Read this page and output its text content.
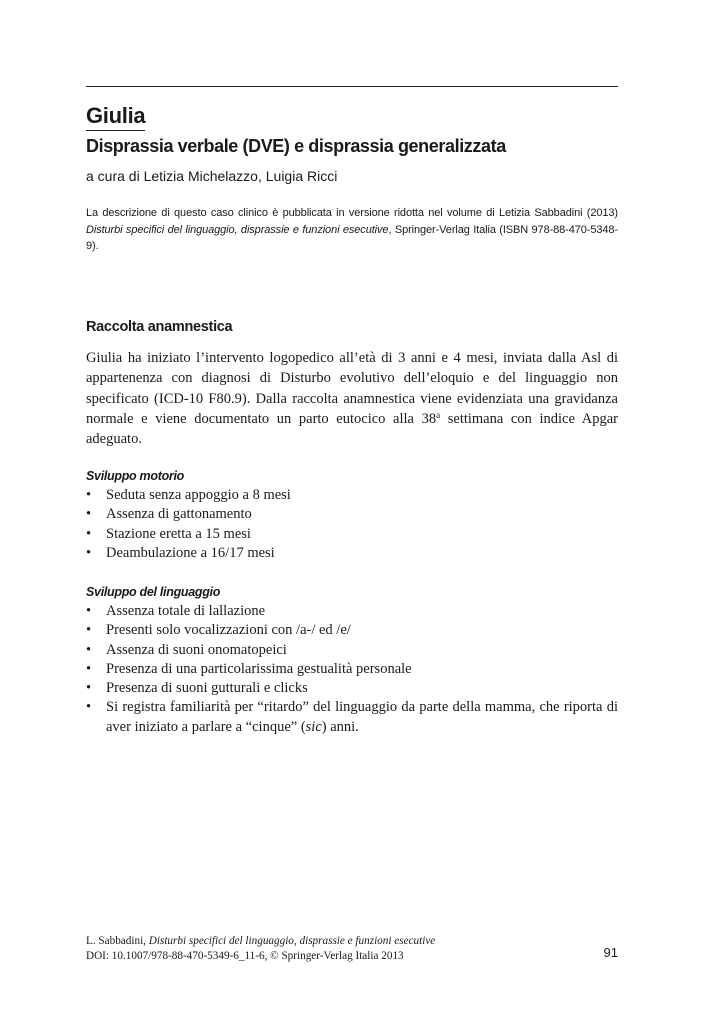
Giulia
Disprassia verbale (DVE) e disprassia generalizzata
a cura di Letizia Michelazzo, Luigia Ricci

La descrizione di questo caso clinico è pubblicata in versione ridotta nel volume di Letizia Sabbadini (2013) Disturbi specifici del linguaggio, disprassie e funzioni esecutive, Springer-Verlag Italia (ISBN 978-88-470-5348-9).

Raccolta anamnestica

Giulia ha iniziato l’intervento logopedico all’età di 3 anni e 4 mesi, inviata dalla Asl di appartenenza con diagnosi di Disturbo evolutivo dell’eloquio e del linguaggio non specificato (ICD-10 F80.9). Dalla raccolta anamnestica viene evidenziata una gravidanza normale e viene documentato un parto eutocico alla 38$^a$ settimana con indice Apgar adeguato.

Sviluppo motorio
•	Seduta senza appoggio a 8 mesi
•	Assenza di gattonamento
•	Stazione eretta a 15 mesi
•	Deambulazione a 16/17 mesi
Sviluppo del linguaggio
•	Assenza totale di lallazione
•	Presenti solo vocalizzazioni con /a-/ ed /e/
•	Assenza di suoni onomatopeici
•	Presenza di una particolarissima gestualità personale
•	Presenza di suoni gutturali e clicks
•	Si registra familiarità per “ritardo” del linguaggio da parte della mamma, che riporta di aver iniziato a parlare a “cinque” (sic) anni.
L. Sabbadini, Disturbi specifici del linguaggio, disprassie e funzioni esecutive
DOI: 10.1007/978-88-470-5349-6_11-6, © Springer-Verlag Italia 2013	91
